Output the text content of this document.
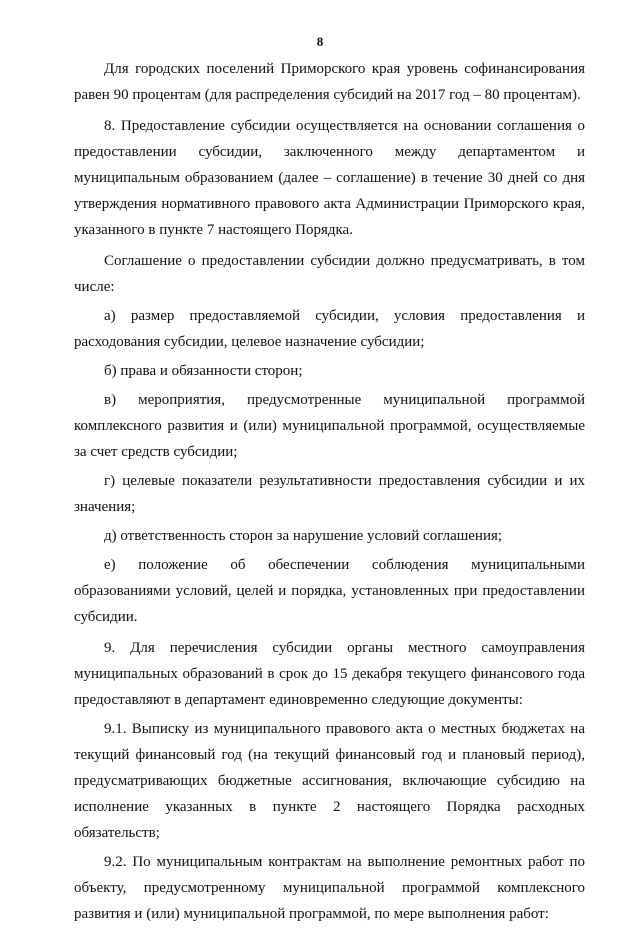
8

Для городских поселений Приморского края уровень софинансирования равен 90 процентам (для распределения субсидий на 2017 год – 80 процентам).

8. Предоставление субсидии осуществляется на основании соглашения о предоставлении субсидии, заключенного между департаментом и муниципальным образованием (далее – соглашение) в течение 30 дней со дня утверждения нормативного правового акта Администрации Приморского края, указанного в пункте 7 настоящего Порядка.

Соглашение о предоставлении субсидии должно предусматривать, в том числе:

а) размер предоставляемой субсидии, условия предоставления и расходования субсидии, целевое назначение субсидии;

б) права и обязанности сторон;

в) мероприятия, предусмотренные муниципальной программой комплексного развития и (или) муниципальной программой, осуществляемые за счет средств субсидии;

г) целевые показатели результативности предоставления субсидии и их значения;

д) ответственность сторон за нарушение условий соглашения;

е) положение об обеспечении соблюдения муниципальными образованиями условий, целей и порядка, установленных при предоставлении субсидии.

9. Для перечисления субсидии органы местного самоуправления муниципальных образований в срок до 15 декабря текущего финансового года предоставляют в департамент единовременно следующие документы:

9.1. Выписку из муниципального правового акта о местных бюджетах на текущий финансовый год (на текущий финансовый год и плановый период), предусматривающих бюджетные ассигнования, включающие субсидию на исполнение указанных в пункте 2 настоящего Порядка расходных обязательств;

9.2. По муниципальным контрактам на выполнение ремонтных работ по объекту, предусмотренному муниципальной программой комплексного развития и (или) муниципальной программой, по мере выполнения работ:
